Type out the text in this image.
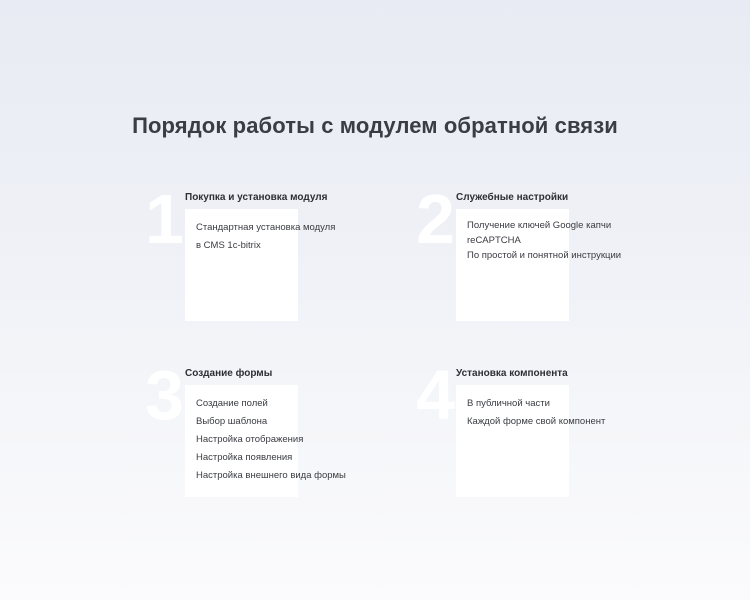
Порядок работы с модулем обратной связи
1 Покупка и установка модуля
Стандартная установка модуля
в CMS 1c-bitrix	2 Служебные настройки
Получение ключей Google капчи
reCAPTCHA
По простой и понятной инструкции
3 Создание формы
Создание полей
Выбор шаблона
Настройка отображения
Настройка появления
Настройка внешнего вида формы
4 Установка компонента
В публичной части
Каждой форме свой компонент
